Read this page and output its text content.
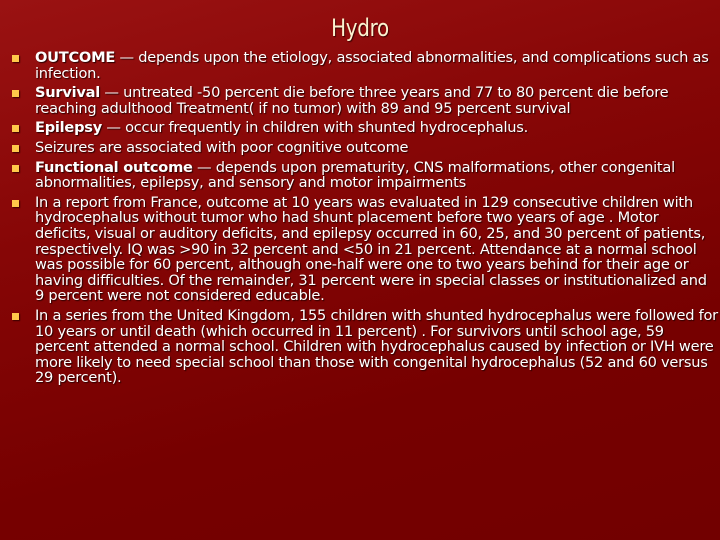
Hydro
OUTCOME — depends upon the etiology, associated abnormalities, and complications such as infection.
Survival — untreated -50 percent die before three years and 77 to 80 percent die before reaching adulthood Treatment( if no tumor) with 89 and 95 percent survival
Epilepsy — occur frequently in children with shunted hydrocephalus.
Seizures are associated with poor cognitive outcome
Functional outcome — depends upon prematurity, CNS malformations, other congenital abnormalities, epilepsy, and sensory and motor impairments
In a report from France, outcome at 10 years was evaluated in 129 consecutive children with hydrocephalus without tumor who had shunt placement before two years of age . Motor deficits, visual or auditory deficits, and epilepsy occurred in 60, 25, and 30 percent of patients, respectively. IQ was >90 in 32 percent and <50 in 21 percent. Attendance at a normal school was possible for 60 percent, although one-half were one to two years behind for their age or having difficulties. Of the remainder, 31 percent were in special classes or institutionalized and 9 percent were not considered educable.
In a series from the United Kingdom, 155 children with shunted hydrocephalus were followed for 10 years or until death (which occurred in 11 percent) . For survivors until school age, 59 percent attended a normal school. Children with hydrocephalus caused by infection or IVH were more likely to need special school than those with congenital hydrocephalus (52 and 60 versus 29 percent).
